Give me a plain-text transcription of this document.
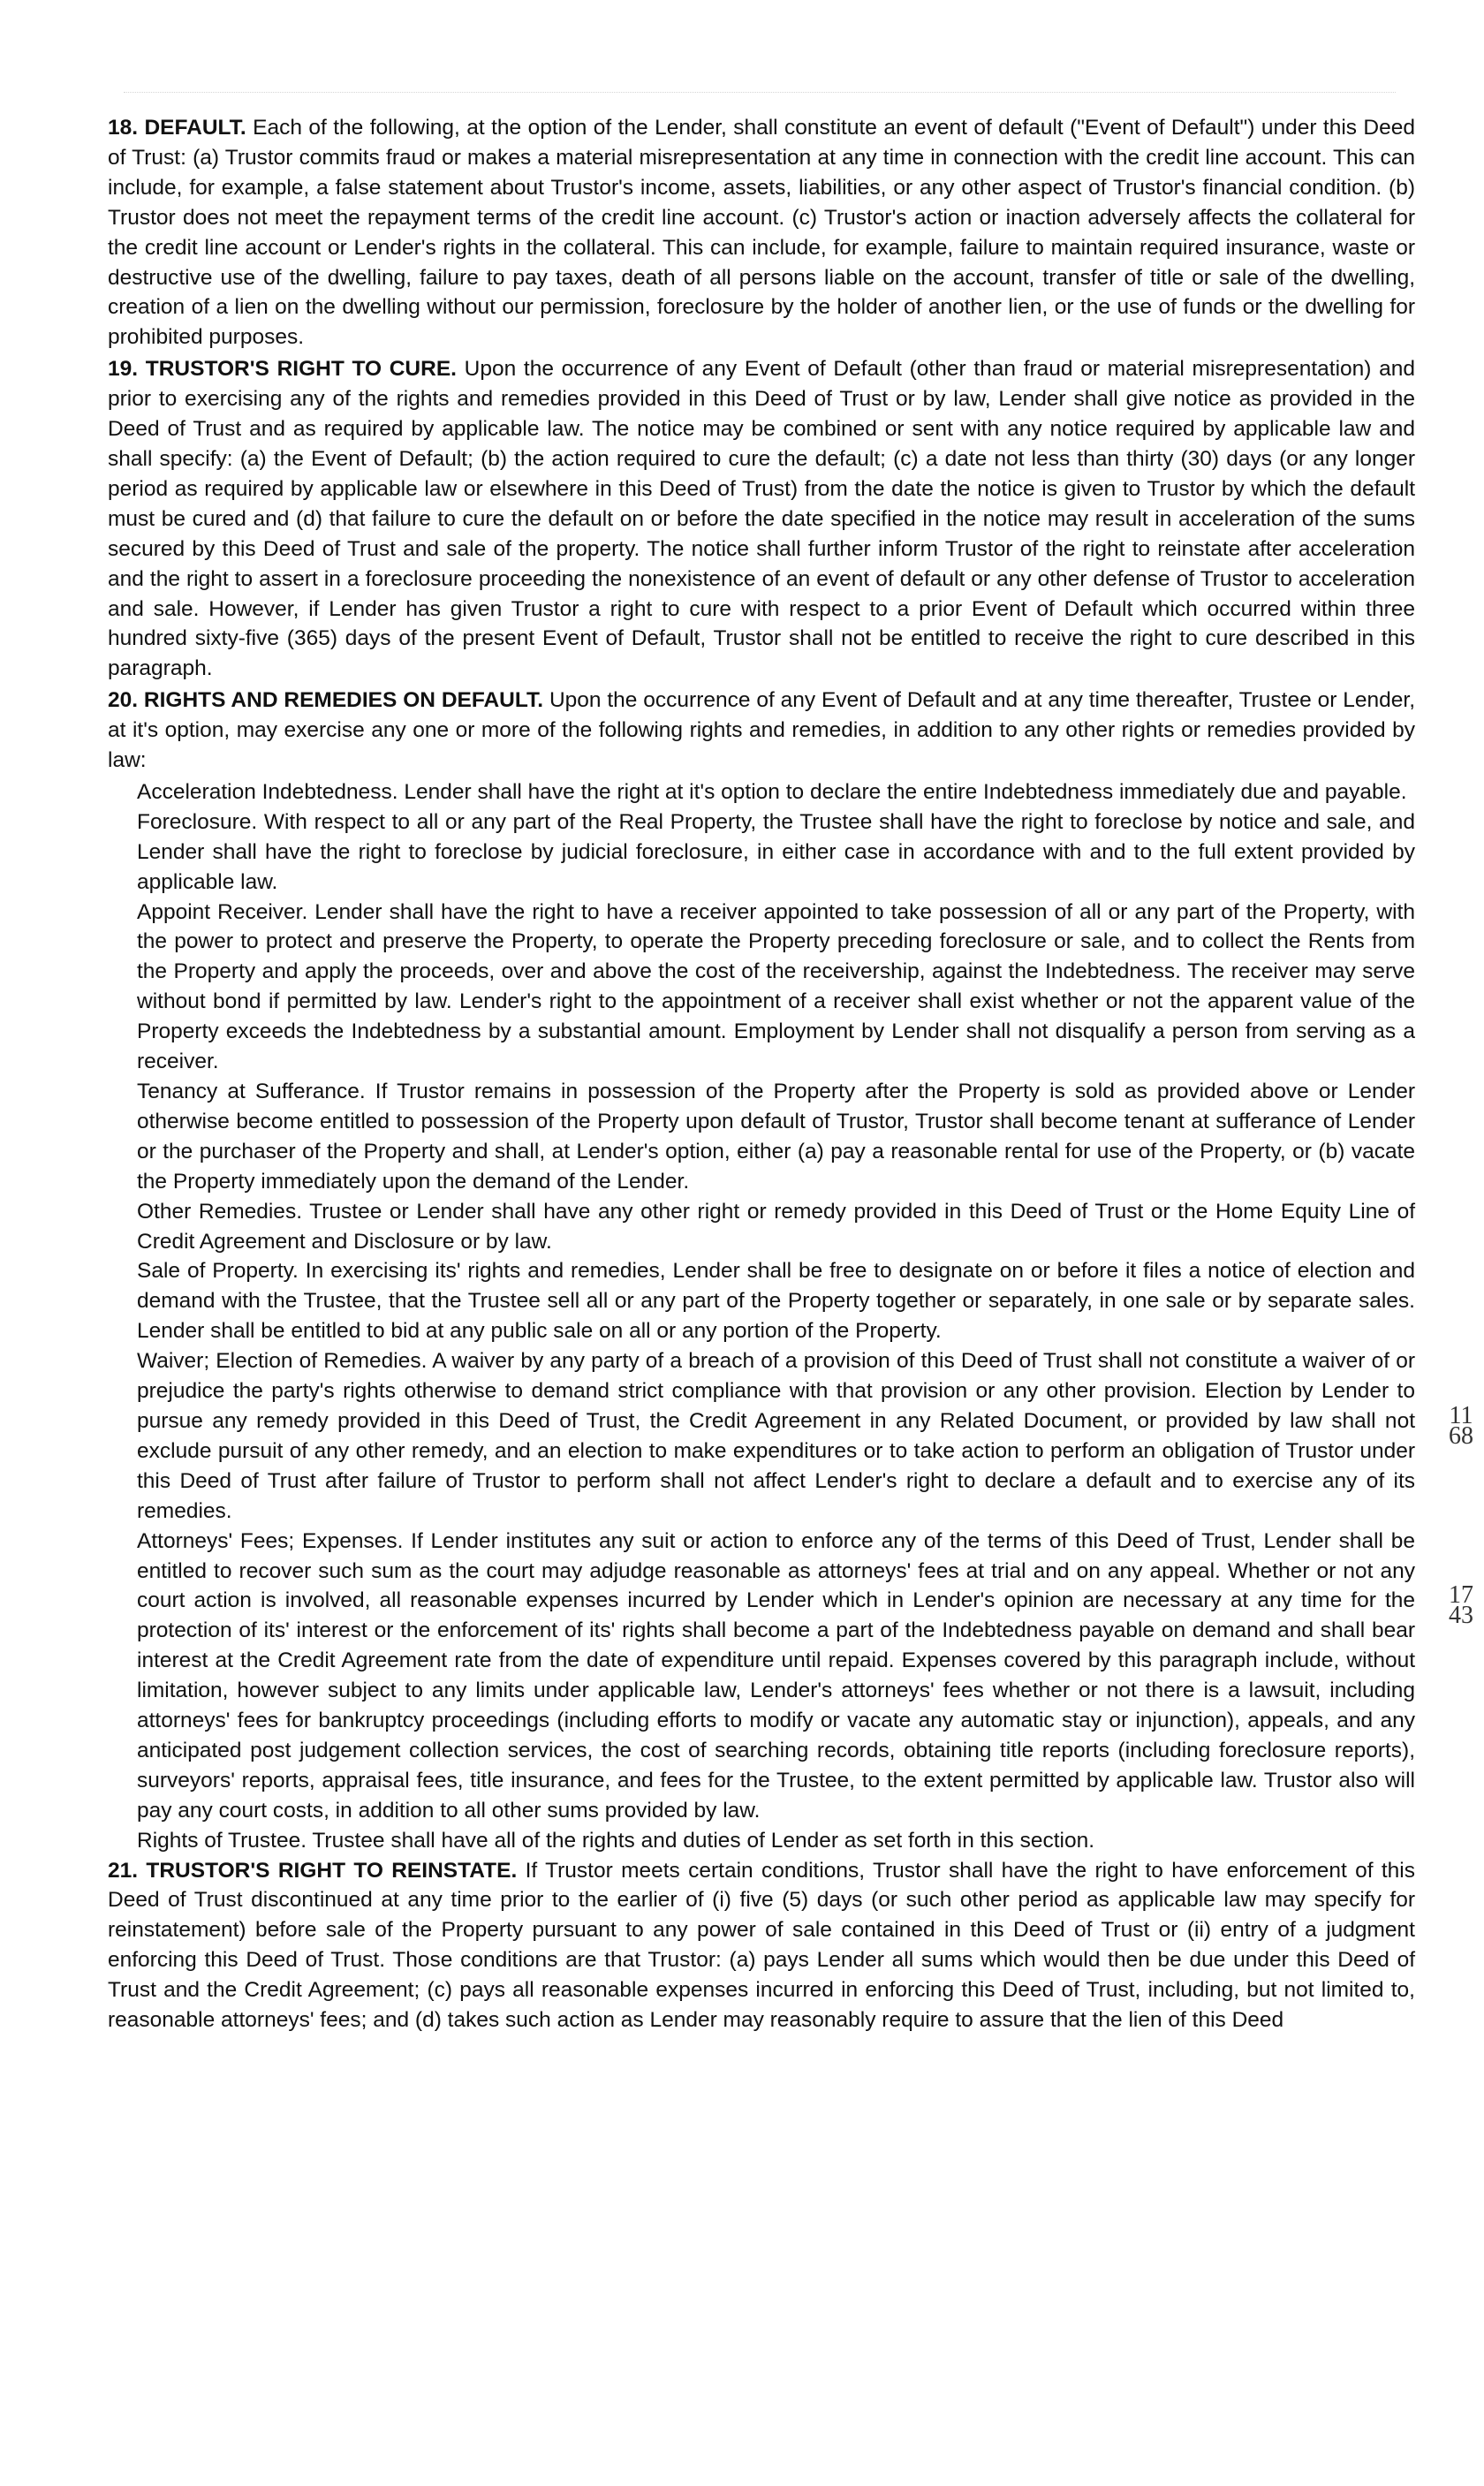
18. DEFAULT. Each of the following, at the option of the Lender, shall constitute an event of default ("Event of Default") under this Deed of Trust: (a) Trustor commits fraud or makes a material misrepresentation at any time in connection with the credit line account. This can include, for example, a false statement about Trustor's income, assets, liabilities, or any other aspect of Trustor's financial condition. (b) Trustor does not meet the repayment terms of the credit line account. (c) Trustor's action or inaction adversely affects the collateral for the credit line account or Lender's rights in the collateral. This can include, for example, failure to maintain required insurance, waste or destructive use of the dwelling, failure to pay taxes, death of all persons liable on the account, transfer of title or sale of the dwelling, creation of a lien on the dwelling without our permission, foreclosure by the holder of another lien, or the use of funds or the dwelling for prohibited purposes.

19. TRUSTOR'S RIGHT TO CURE. Upon the occurrence of any Event of Default (other than fraud or material misrepresentation) and prior to exercising any of the rights and remedies provided in this Deed of Trust or by law, Lender shall give notice as provided in the Deed of Trust and as required by applicable law. The notice may be combined or sent with any notice required by applicable law and shall specify: (a) the Event of Default; (b) the action required to cure the default; (c) a date not less than thirty (30) days (or any longer period as required by applicable law or elsewhere in this Deed of Trust) from the date the notice is given to Trustor by which the default must be cured and (d) that failure to cure the default on or before the date specified in the notice may result in acceleration of the sums secured by this Deed of Trust and sale of the property. The notice shall further inform Trustor of the right to reinstate after acceleration and the right to assert in a foreclosure proceeding the nonexistence of an event of default or any other defense of Trustor to acceleration and sale. However, if Lender has given Trustor a right to cure with respect to a prior Event of Default which occurred within three hundred sixty-five (365) days of the present Event of Default, Trustor shall not be entitled to receive the right to cure described in this paragraph.

20. RIGHTS AND REMEDIES ON DEFAULT. Upon the occurrence of any Event of Default and at any time thereafter, Trustee or Lender, at it's option, may exercise any one or more of the following rights and remedies, in addition to any other rights or remedies provided by law:

Acceleration Indebtedness. Lender shall have the right at it's option to declare the entire Indebtedness immediately due and payable.

Foreclosure. With respect to all or any part of the Real Property, the Trustee shall have the right to foreclose by notice and sale, and Lender shall have the right to foreclose by judicial foreclosure, in either case in accordance with and to the full extent provided by applicable law.

Appoint Receiver. Lender shall have the right to have a receiver appointed to take possession of all or any part of the Property, with the power to protect and preserve the Property, to operate the Property preceding foreclosure or sale, and to collect the Rents from the Property and apply the proceeds, over and above the cost of the receivership, against the Indebtedness. The receiver may serve without bond if permitted by law. Lender's right to the appointment of a receiver shall exist whether or not the apparent value of the Property exceeds the Indebtedness by a substantial amount. Employment by Lender shall not disqualify a person from serving as a receiver.

Tenancy at Sufferance. If Trustor remains in possession of the Property after the Property is sold as provided above or Lender otherwise become entitled to possession of the Property upon default of Trustor, Trustor shall become tenant at sufferance of Lender or the purchaser of the Property and shall, at Lender's option, either (a) pay a reasonable rental for use of the Property, or (b) vacate the Property immediately upon the demand of the Lender.

Other Remedies. Trustee or Lender shall have any other right or remedy provided in this Deed of Trust or the Home Equity Line of Credit Agreement and Disclosure or by law.

Sale of Property. In exercising its' rights and remedies, Lender shall be free to designate on or before it files a notice of election and demand with the Trustee, that the Trustee sell all or any part of the Property together or separately, in one sale or by separate sales. Lender shall be entitled to bid at any public sale on all or any portion of the Property.

Waiver; Election of Remedies. A waiver by any party of a breach of a provision of this Deed of Trust shall not constitute a waiver of or prejudice the party's rights otherwise to demand strict compliance with that provision or any other provision. Election by Lender to pursue any remedy provided in this Deed of Trust, the Credit Agreement in any Related Document, or provided by law shall not exclude pursuit of any other remedy, and an election to make expenditures or to take action to perform an obligation of Trustor under this Deed of Trust after failure of Trustor to perform shall not affect Lender's right to declare a default and to exercise any of its remedies.

Attorneys' Fees; Expenses. If Lender institutes any suit or action to enforce any of the terms of this Deed of Trust, Lender shall be entitled to recover such sum as the court may adjudge reasonable as attorneys' fees at trial and on any appeal. Whether or not any court action is involved, all reasonable expenses incurred by Lender which in Lender's opinion are necessary at any time for the protection of its' interest or the enforcement of its' rights shall become a part of the Indebtedness payable on demand and shall bear interest at the Credit Agreement rate from the date of expenditure until repaid. Expenses covered by this paragraph include, without limitation, however subject to any limits under applicable law, Lender's attorneys' fees whether or not there is a lawsuit, including attorneys' fees for bankruptcy proceedings (including efforts to modify or vacate any automatic stay or injunction), appeals, and any anticipated post judgement collection services, the cost of searching records, obtaining title reports (including foreclosure reports), surveyors' reports, appraisal fees, title insurance, and fees for the Trustee, to the extent permitted by applicable law. Trustor also will pay any court costs, in addition to all other sums provided by law.

Rights of Trustee. Trustee shall have all of the rights and duties of Lender as set forth in this section.

21. TRUSTOR'S RIGHT TO REINSTATE. If Trustor meets certain conditions, Trustor shall have the right to have enforcement of this Deed of Trust discontinued at any time prior to the earlier of (i) five (5) days (or such other period as applicable law may specify for reinstatement) before sale of the Property pursuant to any power of sale contained in this Deed of Trust or (ii) entry of a judgment enforcing this Deed of Trust. Those conditions are that Trustor: (a) pays Lender all sums which would then be due under this Deed of Trust and the Credit Agreement; (c) pays all reasonable expenses incurred in enforcing this Deed of Trust, including, but not limited to, reasonable attorneys' fees; and (d) takes such action as Lender may reasonably require to assure that the lien of this Deed

1168
1743
